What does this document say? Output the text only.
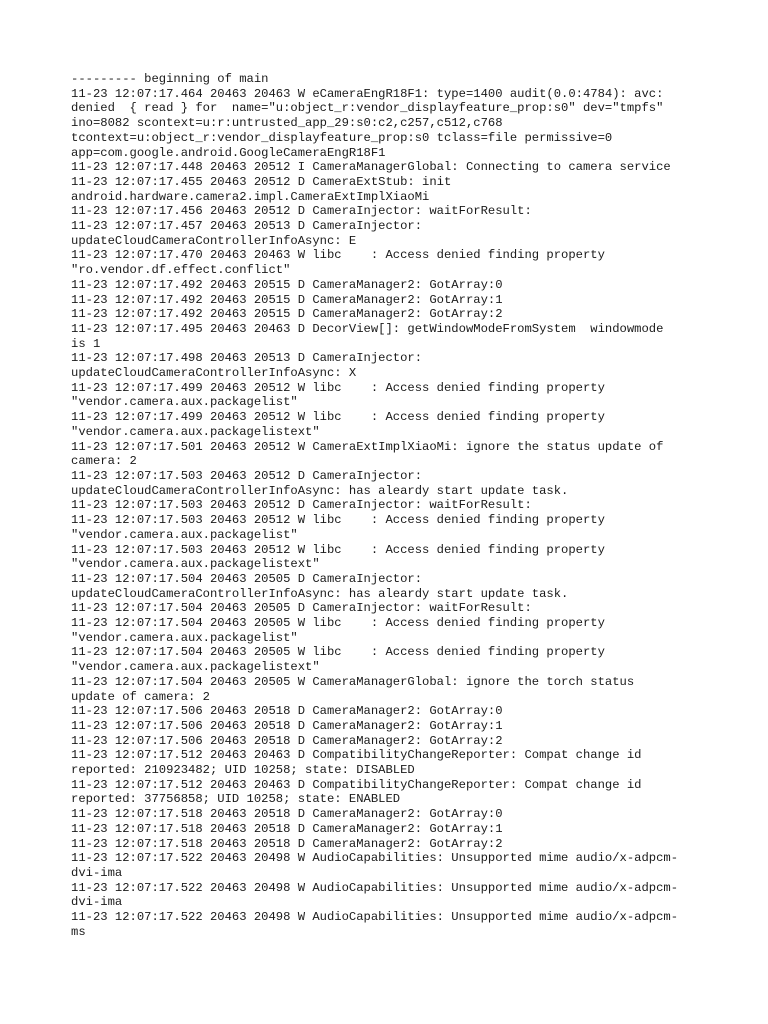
--------- beginning of main
11-23 12:07:17.464 20463 20463 W eCameraEngR18F1: type=1400 audit(0.0:4784): avc:
denied  { read } for  name="u:object_r:vendor_displayfeature_prop:s0" dev="tmpfs"
ino=8082 scontext=u:r:untrusted_app_29:s0:c2,c257,c512,c768
tcontext=u:object_r:vendor_displayfeature_prop:s0 tclass=file permissive=0
app=com.google.android.GoogleCameraEngR18F1
11-23 12:07:17.448 20463 20512 I CameraManagerGlobal: Connecting to camera service
11-23 12:07:17.455 20463 20512 D CameraExtStub: init
android.hardware.camera2.impl.CameraExtImplXiaoMi
11-23 12:07:17.456 20463 20512 D CameraInjector: waitForResult:
11-23 12:07:17.457 20463 20513 D CameraInjector:
updateCloudCameraControllerInfoAsync: E
11-23 12:07:17.470 20463 20463 W libc    : Access denied finding property
"ro.vendor.df.effect.conflict"
11-23 12:07:17.492 20463 20515 D CameraManager2: GotArray:0
11-23 12:07:17.492 20463 20515 D CameraManager2: GotArray:1
11-23 12:07:17.492 20463 20515 D CameraManager2: GotArray:2
11-23 12:07:17.495 20463 20463 D DecorView[]: getWindowModeFromSystem  windowmode
is 1
11-23 12:07:17.498 20463 20513 D CameraInjector:
updateCloudCameraControllerInfoAsync: X
11-23 12:07:17.499 20463 20512 W libc    : Access denied finding property
"vendor.camera.aux.packagelist"
11-23 12:07:17.499 20463 20512 W libc    : Access denied finding property
"vendor.camera.aux.packagelistext"
11-23 12:07:17.501 20463 20512 W CameraExtImplXiaoMi: ignore the status update of
camera: 2
11-23 12:07:17.503 20463 20512 D CameraInjector:
updateCloudCameraControllerInfoAsync: has aleardy start update task.
11-23 12:07:17.503 20463 20512 D CameraInjector: waitForResult:
11-23 12:07:17.503 20463 20512 W libc    : Access denied finding property
"vendor.camera.aux.packagelist"
11-23 12:07:17.503 20463 20512 W libc    : Access denied finding property
"vendor.camera.aux.packagelistext"
11-23 12:07:17.504 20463 20505 D CameraInjector:
updateCloudCameraControllerInfoAsync: has aleardy start update task.
11-23 12:07:17.504 20463 20505 D CameraInjector: waitForResult:
11-23 12:07:17.504 20463 20505 W libc    : Access denied finding property
"vendor.camera.aux.packagelist"
11-23 12:07:17.504 20463 20505 W libc    : Access denied finding property
"vendor.camera.aux.packagelistext"
11-23 12:07:17.504 20463 20505 W CameraManagerGlobal: ignore the torch status
update of camera: 2
11-23 12:07:17.506 20463 20518 D CameraManager2: GotArray:0
11-23 12:07:17.506 20463 20518 D CameraManager2: GotArray:1
11-23 12:07:17.506 20463 20518 D CameraManager2: GotArray:2
11-23 12:07:17.512 20463 20463 D CompatibilityChangeReporter: Compat change id
reported: 210923482; UID 10258; state: DISABLED
11-23 12:07:17.512 20463 20463 D CompatibilityChangeReporter: Compat change id
reported: 37756858; UID 10258; state: ENABLED
11-23 12:07:17.518 20463 20518 D CameraManager2: GotArray:0
11-23 12:07:17.518 20463 20518 D CameraManager2: GotArray:1
11-23 12:07:17.518 20463 20518 D CameraManager2: GotArray:2
11-23 12:07:17.522 20463 20498 W AudioCapabilities: Unsupported mime audio/x-adpcm-
dvi-ima
11-23 12:07:17.522 20463 20498 W AudioCapabilities: Unsupported mime audio/x-adpcm-
dvi-ima
11-23 12:07:17.522 20463 20498 W AudioCapabilities: Unsupported mime audio/x-adpcm-
ms
